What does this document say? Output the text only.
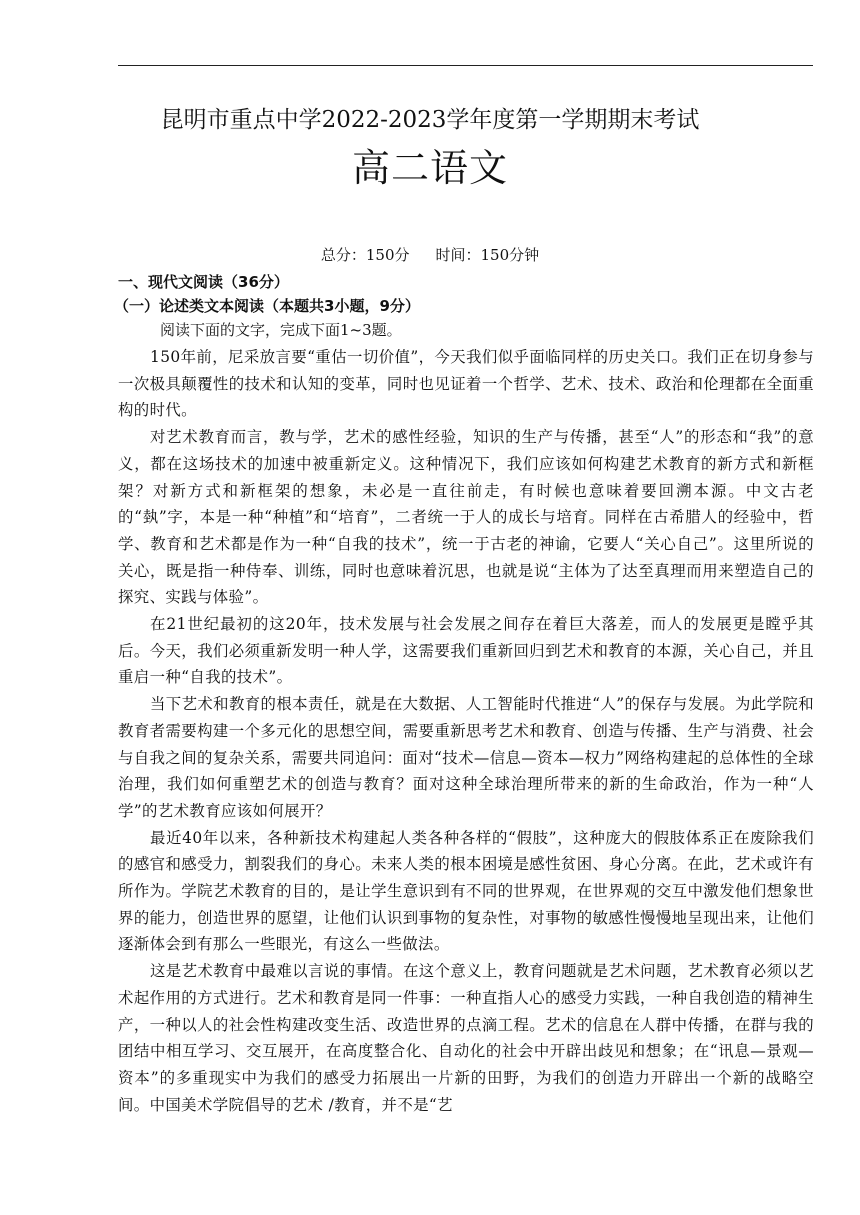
昆明市重点中学2022-2023学年度第一学期期末考试
高二语文
总分：150分 时间：150分钟

一、现代文阅读（36分）

（一）论述类文本阅读（本题共3小题，9分）

阅读下面的文字，完成下面1~3题。

150年前，尼采放言要“重估一切价值”，今天我们似乎面临同样的历史关口。我们正在切身参与一次极具颠覆性的技术和认知的变革，同时也见证着一个哲学、艺术、技术、政治和伦理都在全面重构的时代。

对艺术教育而言，教与学，艺术的感性经验，知识的生产与传播，甚至“人”的形态和“我”的意义，都在这场技术的加速中被重新定义。这种情况下，我们应该如何构建艺术教育的新方式和新框架？对新方式和新框架的想象，未必是一直往前走，有时候也意味着要回溯本源。中文古老的“埶”字，本是一种“种植”和“培育”，二者统一于人的成长与培育。同样在古希腊人的经验中，哲学、教育和艺术都是作为一种“自我的技术”，统一于古老的神谕，它要人“关心自己”。这里所说的关心，既是指一种侍奉、训练，同时也意味着沉思，也就是说“主体为了达至真理而用来塑造自己的探究、实践与体验”。

在21世纪最初的这20年，技术发展与社会发展之间存在着巨大落差，而人的发展更是瞠乎其后。今天，我们必须重新发明一种人学，这需要我们重新回归到艺术和教育的本源，关心自己，并且重启一种“自我的技术”。

当下艺术和教育的根本责任，就是在大数据、人工智能时代推进“人”的保存与发展。为此学院和教育者需要构建一个多元化的思想空间，需要重新思考艺术和教育、创造与传播、生产与消费、社会与自我之间的复杂关系，需要共同追问：面对“技术—信息—资本—权力”网络构建起的总体性的全球治理，我们如何重塑艺术的创造与教育？面对这种全球治理所带来的新的生命政治，作为一种“人学”的艺术教育应该如何展开？

最近40年以来，各种新技术构建起人类各种各样的“假肢”，这种庞大的假肢体系正在废除我们的感官和感受力，割裂我们的身心。未来人类的根本困境是感性贫困、身心分离。在此，艺术或许有所作为。学院艺术教育的目的，是让学生意识到有不同的世界观，在世界观的交互中激发他们想象世界的能力，创造世界的愿望，让他们认识到事物的复杂性，对事物的敏感性慢慢地呈现出来，让他们逐渐体会到有那么一些眼光，有这么一些做法。

这是艺术教育中最难以言说的事情。在这个意义上，教育问题就是艺术问题，艺术教育必须以艺术起作用的方式进行。艺术和教育是同一件事：一种直指人心的感受力实践，一种自我创造的精神生产，一种以人的社会性构建改变生活、改造世界的点滴工程。艺术的信息在人群中传播，在群与我的团结中相互学习、交互展开，在高度整合化、自动化的社会中开辟出歧见和想象；在“讯息—景观—资本”的多重现实中为我们的感受力拓展出一片新的田野，为我们的创造力开辟出一个新的战略空间。中国美术学院倡导的艺术 /教育，并不是“艺
